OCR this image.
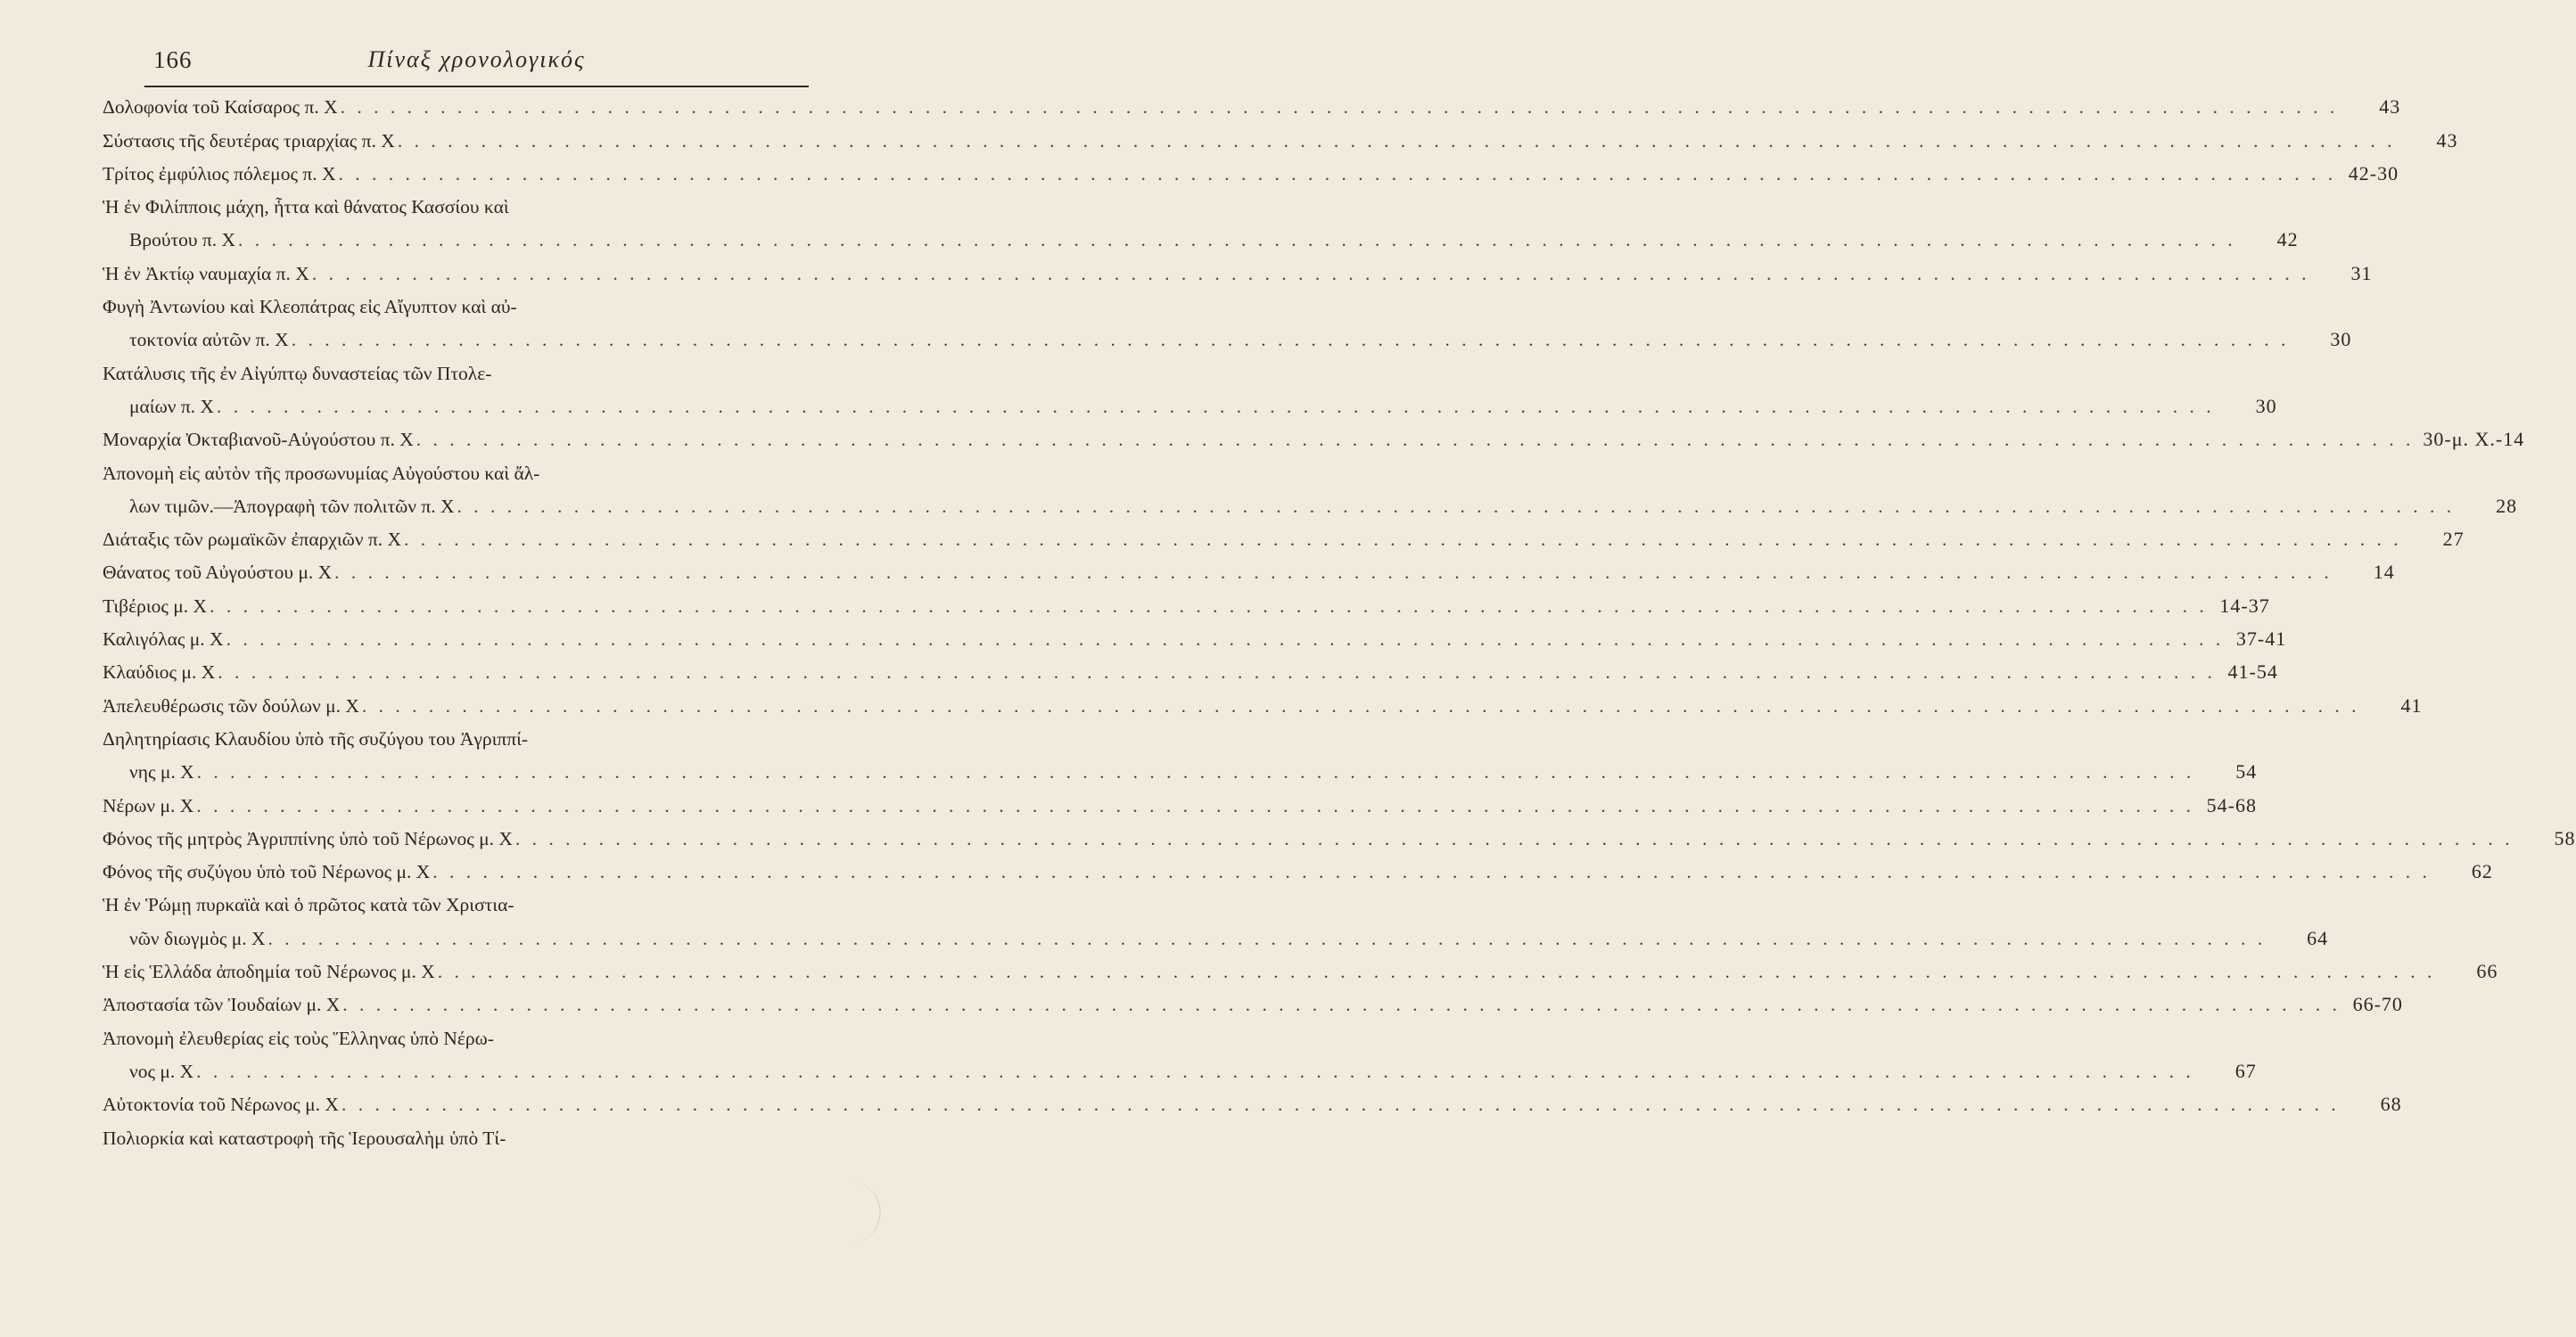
166	Πίναξ χρονολογικός
Δολοφονία τοῦ Καίσαρος π. Χ . . . . . . . . . . . . . . . . . . . . . . . . . . . . . . . . . . . . . . . . . . . . . . . . . . . . . . . . . . . . . . . . . . . . . . . . . . . . . . . . . . . . . . . . . . . . . . . . . . . . . . . . . . . . . . . . . . . . . . . .	43
Σύστασις τῆς δευτέρας τριαρχίας π. Χ . . . . . . . . . . . . . . . . . . . . . . . . . . . . . . . . . . . . . . . . . . . . . . . . . . . . . . . . . . . . . . . . . . . . . . . . . . . . . . . . . . . . . . . . . . . . . . . . . . . . . . . . . . . . . . . . . . . . . . . .	43
Τρίτος ἐμφύλιος πόλεμος π. Χ . . . . . . . . . . . . . . . . . . . . . . . . . . . . . . . . . . . . . . . . . . . . . . . . . . . . . . . . . . . . . . . . . . . . . . . . . . . . . . . . . . . . . . . . . . . . . . . . . . . . . . . . . . . . . . . . . . . . . . . . 42-30
Ἡ ἐν Φιλίπποις μάχη, ἧττα καὶ θάνατος Κασσίου καὶ
Βρούτου π. Χ . . . . . . . . . . . . . . . . . . . . . . . . . . . . . . . . . . . . . . . . . . . . . . . . . . . . . . . . . . . . . . . . . . . . . . . . . . . . . . . . . . . . . . . . . . . . . . . . . . . . . . . . . . . . . . . . . . . . . . . .	42
Ἡ ἐν Ἀκτίῳ ναυμαχία π. Χ . . . . . . . . . . . . . . . . . . . . . . . . . . . . . . . . . . . . . . . . . . . . . . . . . . . . . . . . . . . . . . . . . . . . . . . . . . . . . . . . . . . . . . . . . . . . . . . . . . . . . . . . . . . . . . . . . . . . . . . .	31
Φυγὴ Ἀντωνίου καὶ Κλεοπάτρας εἰς Αἴγυπτον καὶ αὐ-
τοκτονία αὐτῶν π. Χ . . . . . . . . . . . . . . . . . . . . . . . . . . . . . . . . . . . . . . . . . . . . . . . . . . . . . . . . . . . . . . . . . . . . . . . . . . . . . . . . . . . . . . . . . . . . . . . . . . . . . . . . . . . . . . . . . . . . . . . .	30
Κατάλυσις τῆς ἐν Αἰγύπτῳ δυναστείας τῶν Πτολε-
μαίων π. Χ . . . . . . . . . . . . . . . . . . . . . . . . . . . . . . . . . . . . . . . . . . . . . . . . . . . . . . . . . . . . . . . . . . . . . . . . . . . . . . . . . . . . . . . . . . . . . . . . . . . . . . . . . . . . . . . . . . . . . . . .	30
Μοναρχία Ὀκταβιανοῦ-Αὐγούστου π. Χ . . . . . . . . . . . . . . . . . . . . . . . . . . . . . . . . . . . . . . . . . . . . . . . . . . . . . . . . . . . . . . . . . . . . . . . . . . . . . . . . . . . . . . . . . . . . . . . . . . . . . . . . . . . . . . . . . . . . . . . . 30-μ. Χ.-14
Ἀπονομὴ εἰς αὐτὸν τῆς προσωνυμίας Αὐγούστου καὶ ἄλ-
λων τιμῶν.—Ἀπογραφὴ τῶν πολιτῶν π. Χ . . . . . . . . . . . . . . . . . . . . . . . . . . . . . . . . . . . . . . . . . . . . . . . . . . . . . . . . . . . . . . . . . . . . . . . . . . . . . . . . . . . . . . . . . . . . . . . . . . . . . . . . . . . . . . . . . . . . . . . .	28
Διάταξις τῶν ρωμαϊκῶν ἐπαρχιῶν π. Χ . . . . . . . . . . . . . . . . . . . . . . . . . . . . . . . . . . . . . . . . . . . . . . . . . . . . . . . . . . . . . . . . . . . . . . . . . . . . . . . . . . . . . . . . . . . . . . . . . . . . . . . . . . . . . . . . . . . . . . . .	27
Θάνατος τοῦ Αὐγούστου μ. Χ . . . . . . . . . . . . . . . . . . . . . . . . . . . . . . . . . . . . . . . . . . . . . . . . . . . . . . . . . . . . . . . . . . . . . . . . . . . . . . . . . . . . . . . . . . . . . . . . . . . . . . . . . . . . . . . . . . . . . . . .	14
Τιβέριος μ. Χ . . . . . . . . . . . . . . . . . . . . . . . . . . . . . . . . . . . . . . . . . . . . . . . . . . . . . . . . . . . . . . . . . . . . . . . . . . . . . . . . . . . . . . . . . . . . . . . . . . . . . . . . . . . . . . . . . . . . . . . . 14-37
Καλιγόλας μ. Χ . . . . . . . . . . . . . . . . . . . . . . . . . . . . . . . . . . . . . . . . . . . . . . . . . . . . . . . . . . . . . . . . . . . . . . . . . . . . . . . . . . . . . . . . . . . . . . . . . . . . . . . . . . . . . . . . . . . . . . . . 37-41
Κλαύδιος μ. Χ . . . . . . . . . . . . . . . . . . . . . . . . . . . . . . . . . . . . . . . . . . . . . . . . . . . . . . . . . . . . . . . . . . . . . . . . . . . . . . . . . . . . . . . . . . . . . . . . . . . . . . . . . . . . . . . . . . . . . . . . 41-54
Ἀπελευθέρωσις τῶν δούλων μ. Χ . . . . . . . . . . . . . . . . . . . . . . . . . . . . . . . . . . . . . . . . . . . . . . . . . . . . . . . . . . . . . . . . . . . . . . . . . . . . . . . . . . . . . . . . . . . . . . . . . . . . . . . . . . . . . . . . . . . . . . . .	41
Δηλητηρίασις Κλαυδίου ὑπὸ τῆς συζύγου του Ἀγριππί-
νης μ. Χ . . . . . . . . . . . . . . . . . . . . . . . . . . . . . . . . . . . . . . . . . . . . . . . . . . . . . . . . . . . . . . . . . . . . . . . . . . . . . . . . . . . . . . . . . . . . . . . . . . . . . . . . . . . . . . . . . . . . . . . .	54
Νέρων μ. Χ . . . . . . . . . . . . . . . . . . . . . . . . . . . . . . . . . . . . . . . . . . . . . . . . . . . . . . . . . . . . . . . . . . . . . . . . . . . . . . . . . . . . . . . . . . . . . . . . . . . . . . . . . . . . . . . . . . . . . . . . 54-68
Φόνος τῆς μητρὸς Ἀγριππίνης ὑπὸ τοῦ Νέρωνος μ. Χ . . . . . . . . . . . . . . . . . . . . . . . . . . . . . . . . . . . . . . . . . . . . . . . . . . . . . . . . . . . . . . . . . . . . . . . . . . . . . . . . . . . . . . . . . . . . . . . . . . . . . . . . . . . . . . . . . . . . . . . .	58
Φόνος τῆς συζύγου ὑπὸ τοῦ Νέρωνος μ. Χ . . . . . . . . . . . . . . . . . . . . . . . . . . . . . . . . . . . . . . . . . . . . . . . . . . . . . . . . . . . . . . . . . . . . . . . . . . . . . . . . . . . . . . . . . . . . . . . . . . . . . . . . . . . . . . . . . . . . . . . .	62
Ἡ ἐν Ῥώμῃ πυρκαϊὰ καὶ ὁ πρῶτος κατὰ τῶν Χριστια-
νῶν διωγμὸς μ. Χ . . . . . . . . . . . . . . . . . . . . . . . . . . . . . . . . . . . . . . . . . . . . . . . . . . . . . . . . . . . . . . . . . . . . . . . . . . . . . . . . . . . . . . . . . . . . . . . . . . . . . . . . . . . . . . . . . . . . . . . .	64
Ἡ εἰς Ἑλλάδα ἀποδημία τοῦ Νέρωνος μ. Χ . . . . . . . . . . . . . . . . . . . . . . . . . . . . . . . . . . . . . . . . . . . . . . . . . . . . . . . . . . . . . . . . . . . . . . . . . . . . . . . . . . . . . . . . . . . . . . . . . . . . . . . . . . . . . . . . . . . . . . . .	66
Ἀποστασία τῶν Ἰουδαίων μ. Χ . . . . . . . . . . . . . . . . . . . . . . . . . . . . . . . . . . . . . . . . . . . . . . . . . . . . . . . . . . . . . . . . . . . . . . . . . . . . . . . . . . . . . . . . . . . . . . . . . . . . . . . . . . . . . . . . . . . . . . . . 66-70
Ἀπονομὴ ἐλευθερίας εἰς τοὺς Ἕλληνας ὑπὸ Νέρω-
νος μ. Χ . . . . . . . . . . . . . . . . . . . . . . . . . . . . . . . . . . . . . . . . . . . . . . . . . . . . . . . . . . . . . . . . . . . . . . . . . . . . . . . . . . . . . . . . . . . . . . . . . . . . . . . . . . . . . . . . . . . . . . . .	67
Αὐτοκτονία τοῦ Νέρωνος μ. Χ . . . . . . . . . . . . . . . . . . . . . . . . . . . . . . . . . . . . . . . . . . . . . . . . . . . . . . . . . . . . . . . . . . . . . . . . . . . . . . . . . . . . . . . . . . . . . . . . . . . . . . . . . . . . . . . . . . . . . . . .	68
Πολιορκία καὶ καταστροφὴ τῆς Ἱερουσαλὴμ ὑπὸ Τί-
